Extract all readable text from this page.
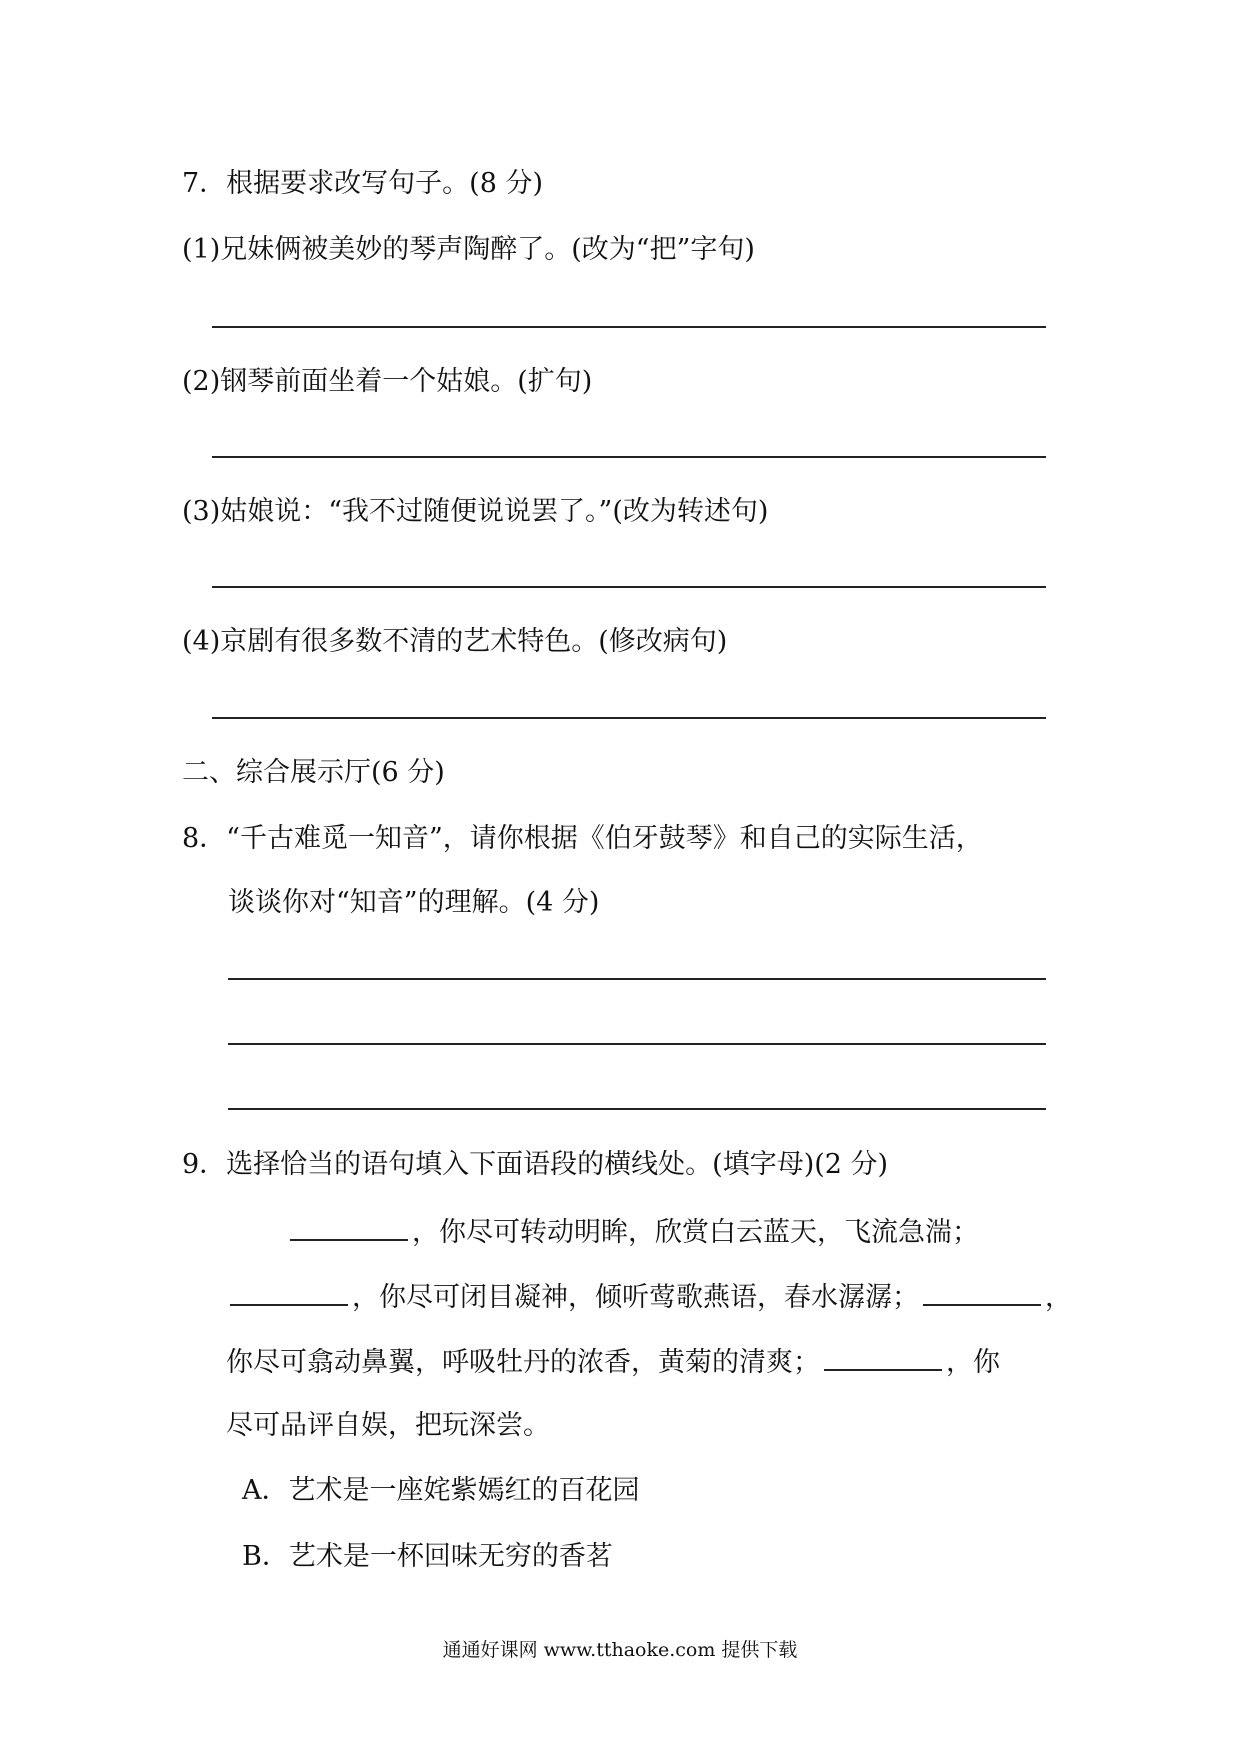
7．根据要求改写句子。(8 分)
(1)兄妹俩被美妙的琴声陶醉了。(改为“把”字句)
(2)钢琴前面坐着一个姑娘。(扩句)
(3)姑娘说：“我不过随便说说罢了。”(改为转述句)
(4)京剧有很多数不清的艺术特色。(修改病句)
二、综合展示厅(6 分)
8．“千古难觅一知音”，请你根据《伯牙鼓琴》和自己的实际生活，
谈谈你对“知音”的理解。(4 分)
9．选择恰当的语句填入下面语段的横线处。(填字母)(2 分)
，你尽可转动明眸，欣赏白云蓝天，飞流急湍；
，你尽可闭目凝神，倾听莺歌燕语，春水潺潺；	，
你尽可翕动鼻翼，呼吸牡丹的浓香，黄菊的清爽；	，你
尽可品评自娱，把玩深尝。
A．艺术是一座姹紫嫣红的百花园
B．艺术是一杯回味无穷的香茗
通通好课网 www.tthaoke.com 提供下载
